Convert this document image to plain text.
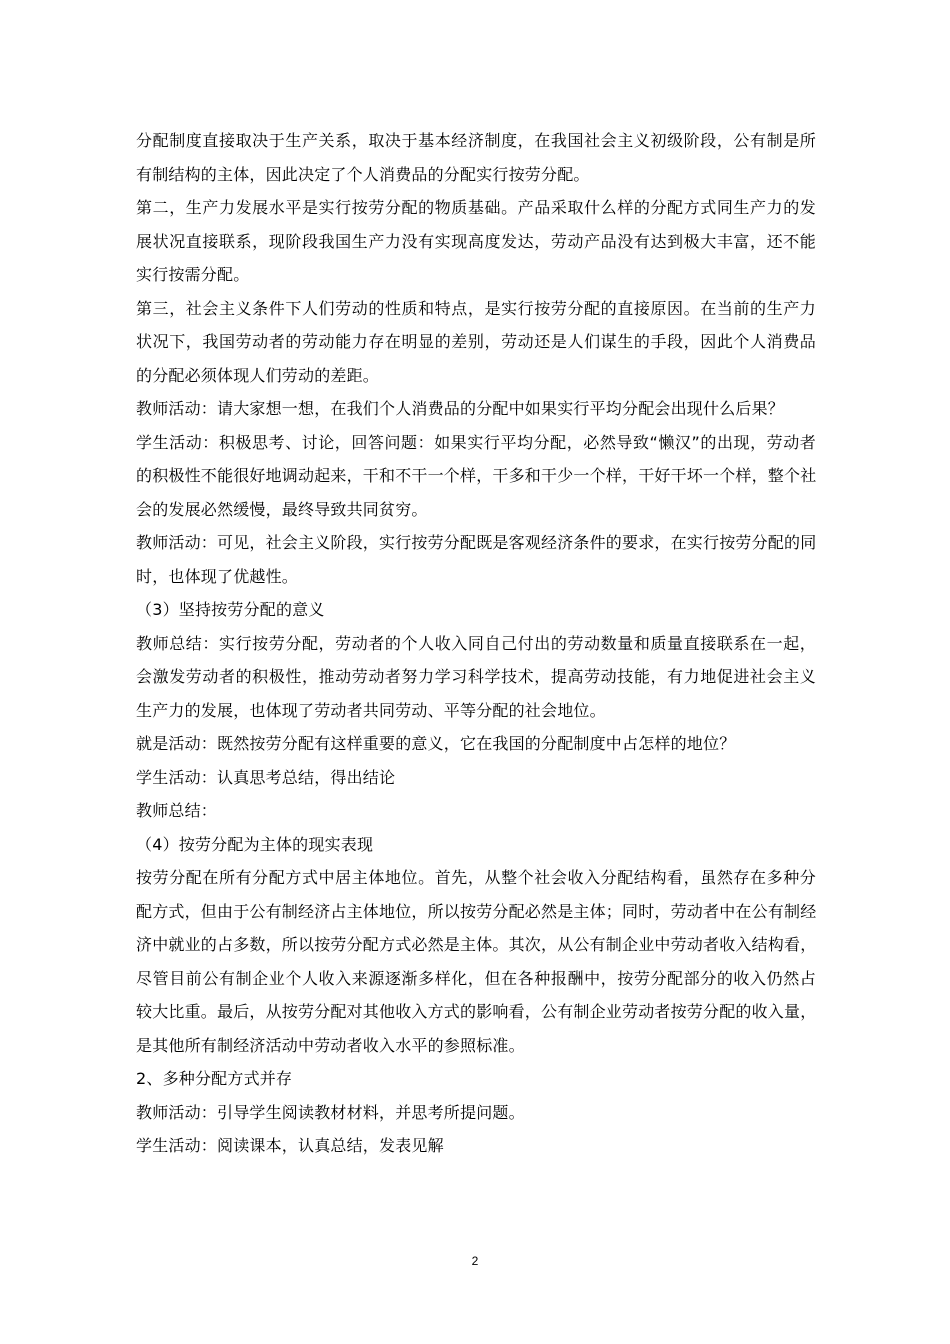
分配制度直接取决于生产关系，取决于基本经济制度，在我国社会主义初级阶段，公有制是所
有制结构的主体，因此决定了个人消费品的分配实行按劳分配。
第二，生产力发展水平是实行按劳分配的物质基础。产品采取什么样的分配方式同生产力的发
展状况直接联系，现阶段我国生产力没有实现高度发达，劳动产品没有达到极大丰富，还不能
实行按需分配。
第三，社会主义条件下人们劳动的性质和特点，是实行按劳分配的直接原因。在当前的生产力
状况下，我国劳动者的劳动能力存在明显的差别，劳动还是人们谋生的手段，因此个人消费品
的分配必须体现人们劳动的差距。
教师活动：请大家想一想，在我们个人消费品的分配中如果实行平均分配会出现什么后果？
学生活动：积极思考、讨论，回答问题：如果实行平均分配，必然导致“懒汉”的出现，劳动者
的积极性不能很好地调动起来，干和不干一个样，干多和干少一个样，干好干坏一个样，整个社
会的发展必然缓慢，最终导致共同贫穷。
教师活动：可见，社会主义阶段，实行按劳分配既是客观经济条件的要求，在实行按劳分配的同
时，也体现了优越性。
（3）坚持按劳分配的意义
教师总结：实行按劳分配，劳动者的个人收入同自己付出的劳动数量和质量直接联系在一起，
会激发劳动者的积极性，推动劳动者努力学习科学技术，提高劳动技能，有力地促进社会主义
生产力的发展，也体现了劳动者共同劳动、平等分配的社会地位。
就是活动：既然按劳分配有这样重要的意义，它在我国的分配制度中占怎样的地位？
学生活动：认真思考总结，得出结论
教师总结：
（4）按劳分配为主体的现实表现
按劳分配在所有分配方式中居主体地位。首先，从整个社会收入分配结构看，虽然存在多种分
配方式，但由于公有制经济占主体地位，所以按劳分配必然是主体；同时，劳动者中在公有制经
济中就业的占多数，所以按劳分配方式必然是主体。其次，从公有制企业中劳动者收入结构看，
尽管目前公有制企业个人收入来源逐渐多样化，但在各种报酬中，按劳分配部分的收入仍然占
较大比重。最后，从按劳分配对其他收入方式的影响看，公有制企业劳动者按劳分配的收入量，
是其他所有制经济活动中劳动者收入水平的参照标准。
2、多种分配方式并存
教师活动：引导学生阅读教材材料，并思考所提问题。
学生活动：阅读课本，认真总结，发表见解
2
